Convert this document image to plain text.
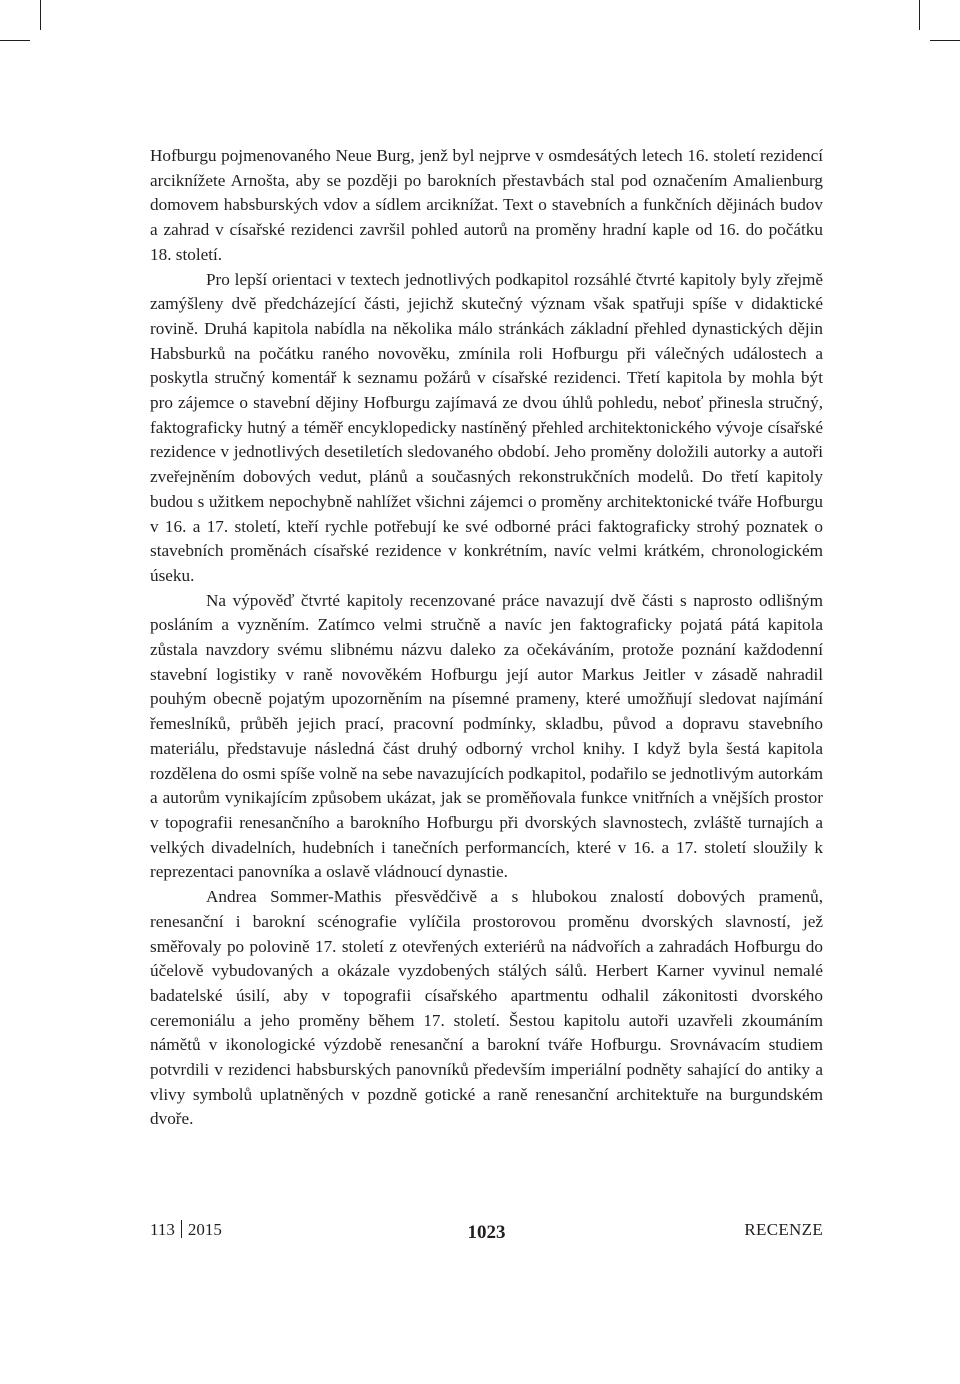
Hofburgu pojmenovaného Neue Burg, jenž byl nejprve v osmdesátých letech 16. století rezidencí arciknížete Arnošta, aby se později po barokních přestavbách stal pod označením Amalienburg domovem habsburských vdov a sídlem arciknížat. Text o stavebních a funkčních dějinách budov a zahrad v císařské rezidenci završil pohled autorů na proměny hradní kaple od 16. do počátku 18. století.

Pro lepší orientaci v textech jednotlivých podkapitol rozsáhlé čtvrté kapitoly byly zřejmě zamýšleny dvě předcházející části, jejichž skutečný význam však spatřuji spíše v didaktické rovině. Druhá kapitola nabídla na několika málo stránkách základní přehled dynastických dějin Habsburků na počátku raného novověku, zmínila roli Hofburgu při válečných událostech a poskytla stručný komentář k seznamu požárů v císařské rezidenci. Třetí kapitola by mohla být pro zájemce o stavební dějiny Hofburgu zajímavá ze dvou úhlů pohledu, neboť přinesla stručný, faktograficky hutný a téměř encyklopedicky nastíněný přehled architektonického vývoje císařské rezidence v jednotlivých desetiletích sledovaného období. Jeho proměny doložili autorky a autoři zveřejněním dobových vedut, plánů a současných rekonstrukčních modelů. Do třetí kapitoly budou s užitkem nepochybně nahlížet všichni zájemci o proměny architektonické tváře Hofburgu v 16. a 17. století, kteří rychle potřebují ke své odborné práci faktograficky strohý poznatek o stavebních proměnách císařské rezidence v konkrétním, navíc velmi krátkém, chronologickém úseku.

Na výpověď čtvrté kapitoly recenzované práce navazují dvě části s naprosto odlišným posláním a vyzněním. Zatímco velmi stručně a navíc jen faktograficky pojatá pátá kapitola zůstala navzdory svému slibnému názvu daleko za očekáváním, protože poznání každodenní stavební logistiky v raně novověkém Hofburgu její autor Markus Jeitler v zásadě nahradil pouhým obecně pojatým upozorněním na písemné prameny, které umožňují sledovat najímání řemeslníků, průběh jejich prací, pracovní podmínky, skladbu, původ a dopravu stavebního materiálu, představuje následná část druhý odborný vrchol knihy. I když byla šestá kapitola rozdělena do osmi spíše volně na sebe navazujících podkapitol, podařilo se jednotlivým autorkám a autorům vynikajícím způsobem ukázat, jak se proměňovala funkce vnitřních a vnějších prostor v topografii renesančního a barokního Hofburgu při dvorských slavnostech, zvláště turnajích a velkých divadelních, hudebních i tanečních performancích, které v 16. a 17. století sloužily k reprezentaci panovníka a oslavě vládnoucí dynastie.

Andrea Sommer-Mathis přesvědčivě a s hlubokou znalostí dobových pramenů, renesanční i barokní scénografie vylíčila prostorovou proměnu dvorských slavností, jež směřovaly po polovině 17. století z otevřených exteriérů na nádvořích a zahradách Hofburgu do účelově vybudovaných a okázale vyzdobených stálých sálů. Herbert Karner vyvinul nemalé badatelské úsilí, aby v topografii císařského apartmentu odhalil zákonitosti dvorského ceremoniálu a jeho proměny během 17. století. Šestou kapitolu autoři uzavřeli zkoumáním námětů v ikonologické výzdobě renesanční a barokní tváře Hofburgu. Srovnávacím studiem potvrdili v rezidenci habsburských panovníků především imperiální podněty sahající do antiky a vlivy symbolů uplatněných v pozdně gotické a raně renesanční architektuře na burgundském dvoře.

113 2015	1023	RECENZE
